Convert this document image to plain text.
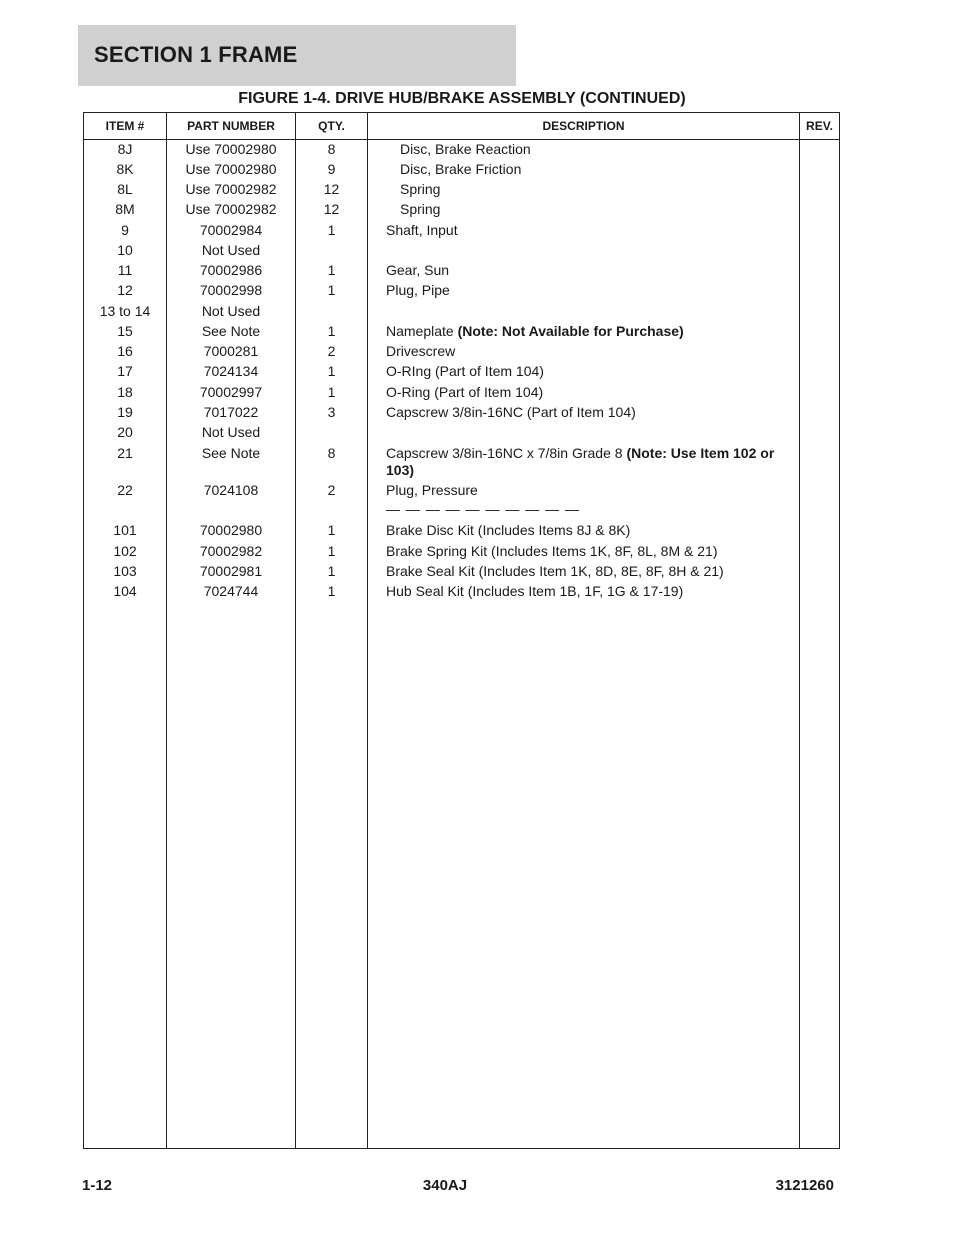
SECTION 1 FRAME
FIGURE 1-4. DRIVE HUB/BRAKE ASSEMBLY (CONTINUED)
ITEM #	PART NUMBER	QTY.	DESCRIPTION	REV.
8J	Use 70002980	8	Disc, Brake Reaction
8K	Use 70002980	9	Disc, Brake Friction
8L	Use 70002982	12	Spring
8M	Use 70002982	12	Spring
9	70002984	1	Shaft, Input
10	Not Used
11	70002986	1	Gear, Sun
12	70002998	1	Plug, Pipe
13 to 14	Not Used
15	See Note	1	Nameplate (Note: Not Available for Purchase)
16	7000281	2	Drivescrew
17	7024134	1	O-RIng (Part of Item 104)
18	70002997	1	O-Ring (Part of Item 104)
19	7017022	3	Capscrew 3/8in-16NC (Part of Item 104)
20	Not Used
21	See Note	8	Capscrew 3/8in-16NC x 7/8in Grade 8 (Note: Use Item 102 or 103)
22	7024108	2	Plug, Pressure
101	70002980	1	Brake Disc Kit (Includes Items 8J & 8K)
102	70002982	1	Brake Spring Kit (Includes Items 1K, 8F, 8L, 8M & 21)
103	70002981	1	Brake Seal Kit (Includes Item 1K, 8D, 8E, 8F, 8H & 21)
104	7024744	1	Hub Seal Kit (Includes Item 1B, 1F, 1G & 17-19)
— — — — — — — — — —
1-12	340AJ	3121260
